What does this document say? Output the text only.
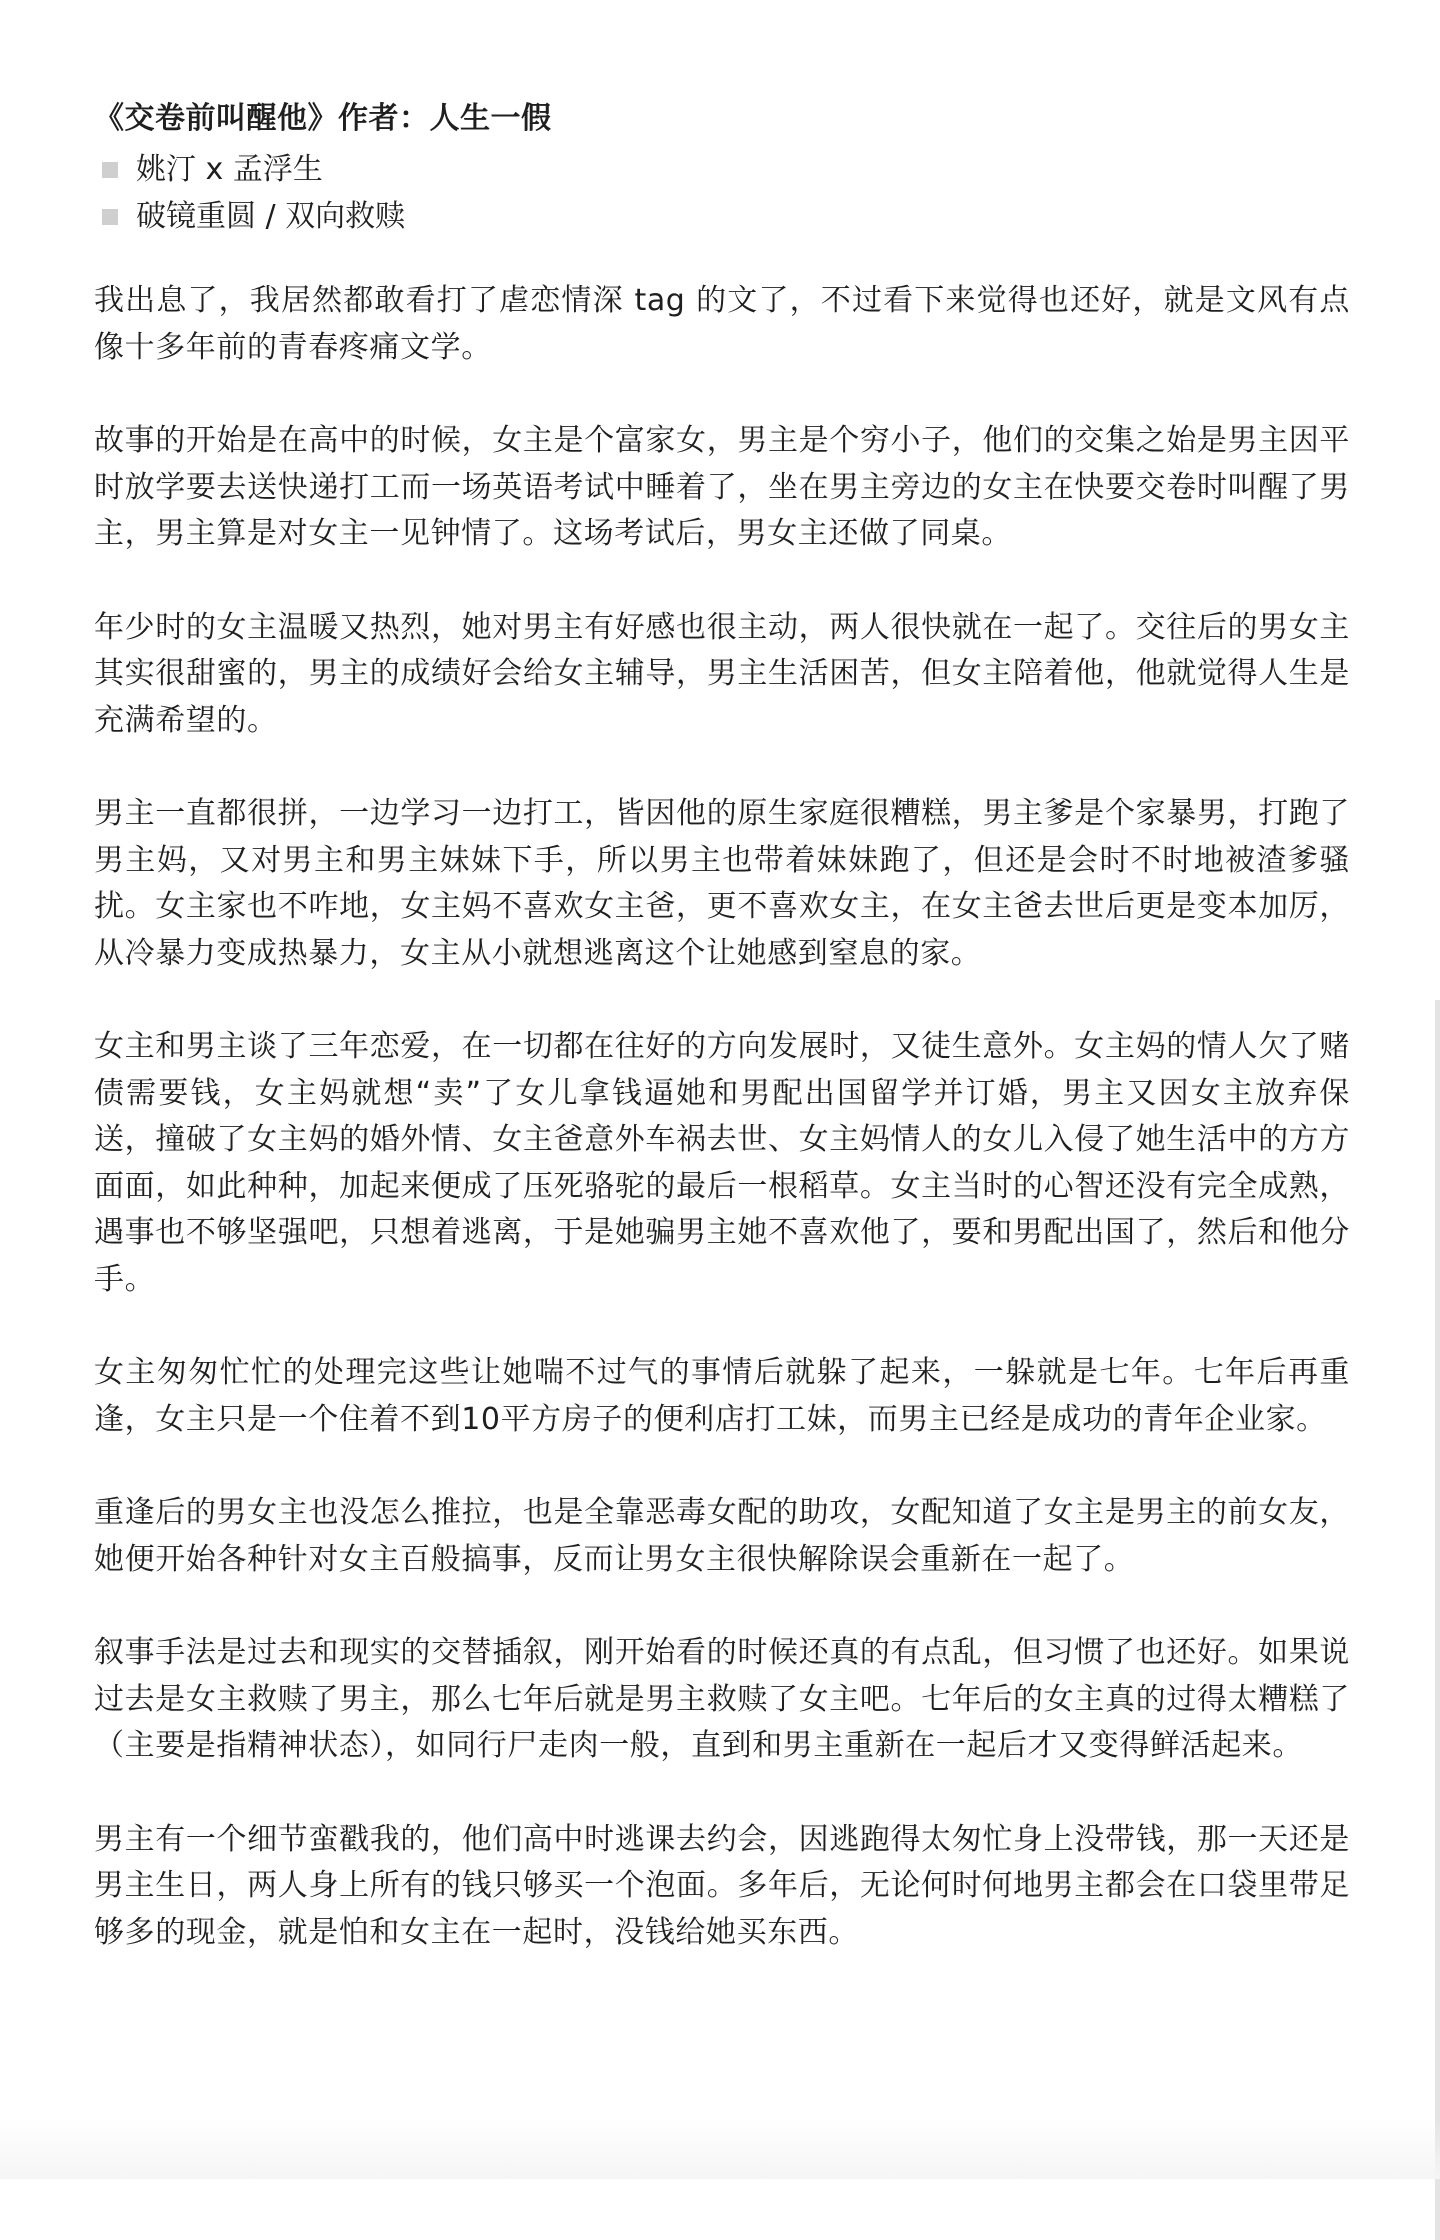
《交卷前叫醒他》作者：人生一假
姚汀 x 孟浮生
破镜重圆 / 双向救赎

我出息了，我居然都敢看打了虐恋情深 tag 的文了，不过看下来觉得也还好，就是文风有点像十多年前的青春疼痛文学。

故事的开始是在高中的时候，女主是个富家女，男主是个穷小子，他们的交集之始是男主因平时放学要去送快递打工而一场英语考试中睡着了，坐在男主旁边的女主在快要交卷时叫醒了男主，男主算是对女主一见钟情了。这场考试后，男女主还做了同桌。

年少时的女主温暖又热烈，她对男主有好感也很主动，两人很快就在一起了。交往后的男女主其实很甜蜜的，男主的成绩好会给女主辅导，男主生活困苦，但女主陪着他，他就觉得人生是充满希望的。

男主一直都很拼，一边学习一边打工，皆因他的原生家庭很糟糕，男主爹是个家暴男，打跑了男主妈，又对男主和男主妹妹下手，所以男主也带着妹妹跑了，但还是会时不时地被渣爹骚扰。女主家也不咋地，女主妈不喜欢女主爸，更不喜欢女主，在女主爸去世后更是变本加厉，从冷暴力变成热暴力，女主从小就想逃离这个让她感到窒息的家。

女主和男主谈了三年恋爱，在一切都在往好的方向发展时，又徒生意外。女主妈的情人欠了赌债需要钱，女主妈就想“卖”了女儿拿钱逼她和男配出国留学并订婚，男主又因女主放弃保送，撞破了女主妈的婚外情、女主爸意外车祸去世、女主妈情人的女儿入侵了她生活中的方方面面，如此种种，加起来便成了压死骆驼的最后一根稻草。女主当时的心智还没有完全成熟，遇事也不够坚强吧，只想着逃离，于是她骗男主她不喜欢他了，要和男配出国了，然后和他分手。

女主匆匆忙忙的处理完这些让她喘不过气的事情后就躲了起来，一躲就是七年。七年后再重逢，女主只是一个住着不到10平方房子的便利店打工妹，而男主已经是成功的青年企业家。

重逢后的男女主也没怎么推拉，也是全靠恶毒女配的助攻，女配知道了女主是男主的前女友，她便开始各种针对女主百般搞事，反而让男女主很快解除误会重新在一起了。

叙事手法是过去和现实的交替插叙，刚开始看的时候还真的有点乱，但习惯了也还好。如果说过去是女主救赎了男主，那么七年后就是男主救赎了女主吧。七年后的女主真的过得太糟糕了（主要是指精神状态），如同行尸走肉一般，直到和男主重新在一起后才又变得鲜活起来。

男主有一个细节蛮戳我的，他们高中时逃课去约会，因逃跑得太匆忙身上没带钱，那一天还是男主生日，两人身上所有的钱只够买一个泡面。多年后，无论何时何地男主都会在口袋里带足够多的现金，就是怕和女主在一起时，没钱给她买东西。
